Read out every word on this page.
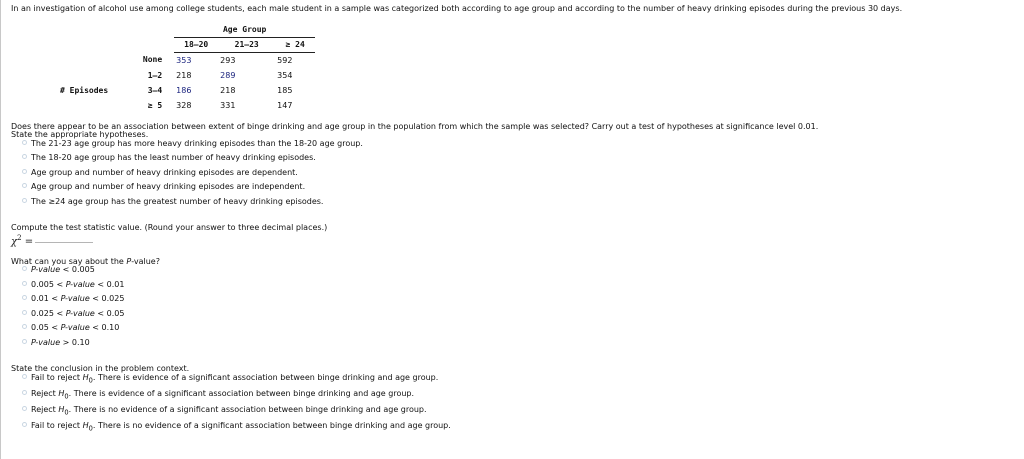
In an investigation of alcohol use among college students, each male student in a sample was categorized both according to age group and according to the number of heavy drinking episodes during the previous 30 days.
		Age Group		
		18–20	21–23	≥ 24
	None	353	293	592
	1–2	218	289	354
# Episodes	3–4	186	218	185
	≥ 5	328	331	147
Does there appear to be an association between extent of binge drinking and age group in the population from which the sample was selected? Carry out a test of hypotheses at significance level 0.01.
State the appropriate hypotheses.
The 21-23 age group has more heavy drinking episodes than the 18-20 age group.
The 18-20 age group has the least number of heavy drinking episodes.
Age group and number of heavy drinking episodes are dependent.
Age group and number of heavy drinking episodes are independent.
The ≥24 age group has the greatest number of heavy drinking episodes.
Compute the test statistic value. (Round your answer to three decimal places.)
$\chi^2$ =
What can you say about the P-value?
P-value < 0.005
0.005 < P-value < 0.01
0.01 < P-value < 0.025
0.025 < P-value < 0.05
0.05 < P-value < 0.10
P-value > 0.10
State the conclusion in the problem context.
Fail to reject $H_0$. There is evidence of a significant association between binge drinking and age group.
Reject $H_0$. There is evidence of a significant association between binge drinking and age group.
Reject $H_0$. There is no evidence of a significant association between binge drinking and age group.
Fail to reject $H_0$. There is no evidence of a significant association between binge drinking and age group.
